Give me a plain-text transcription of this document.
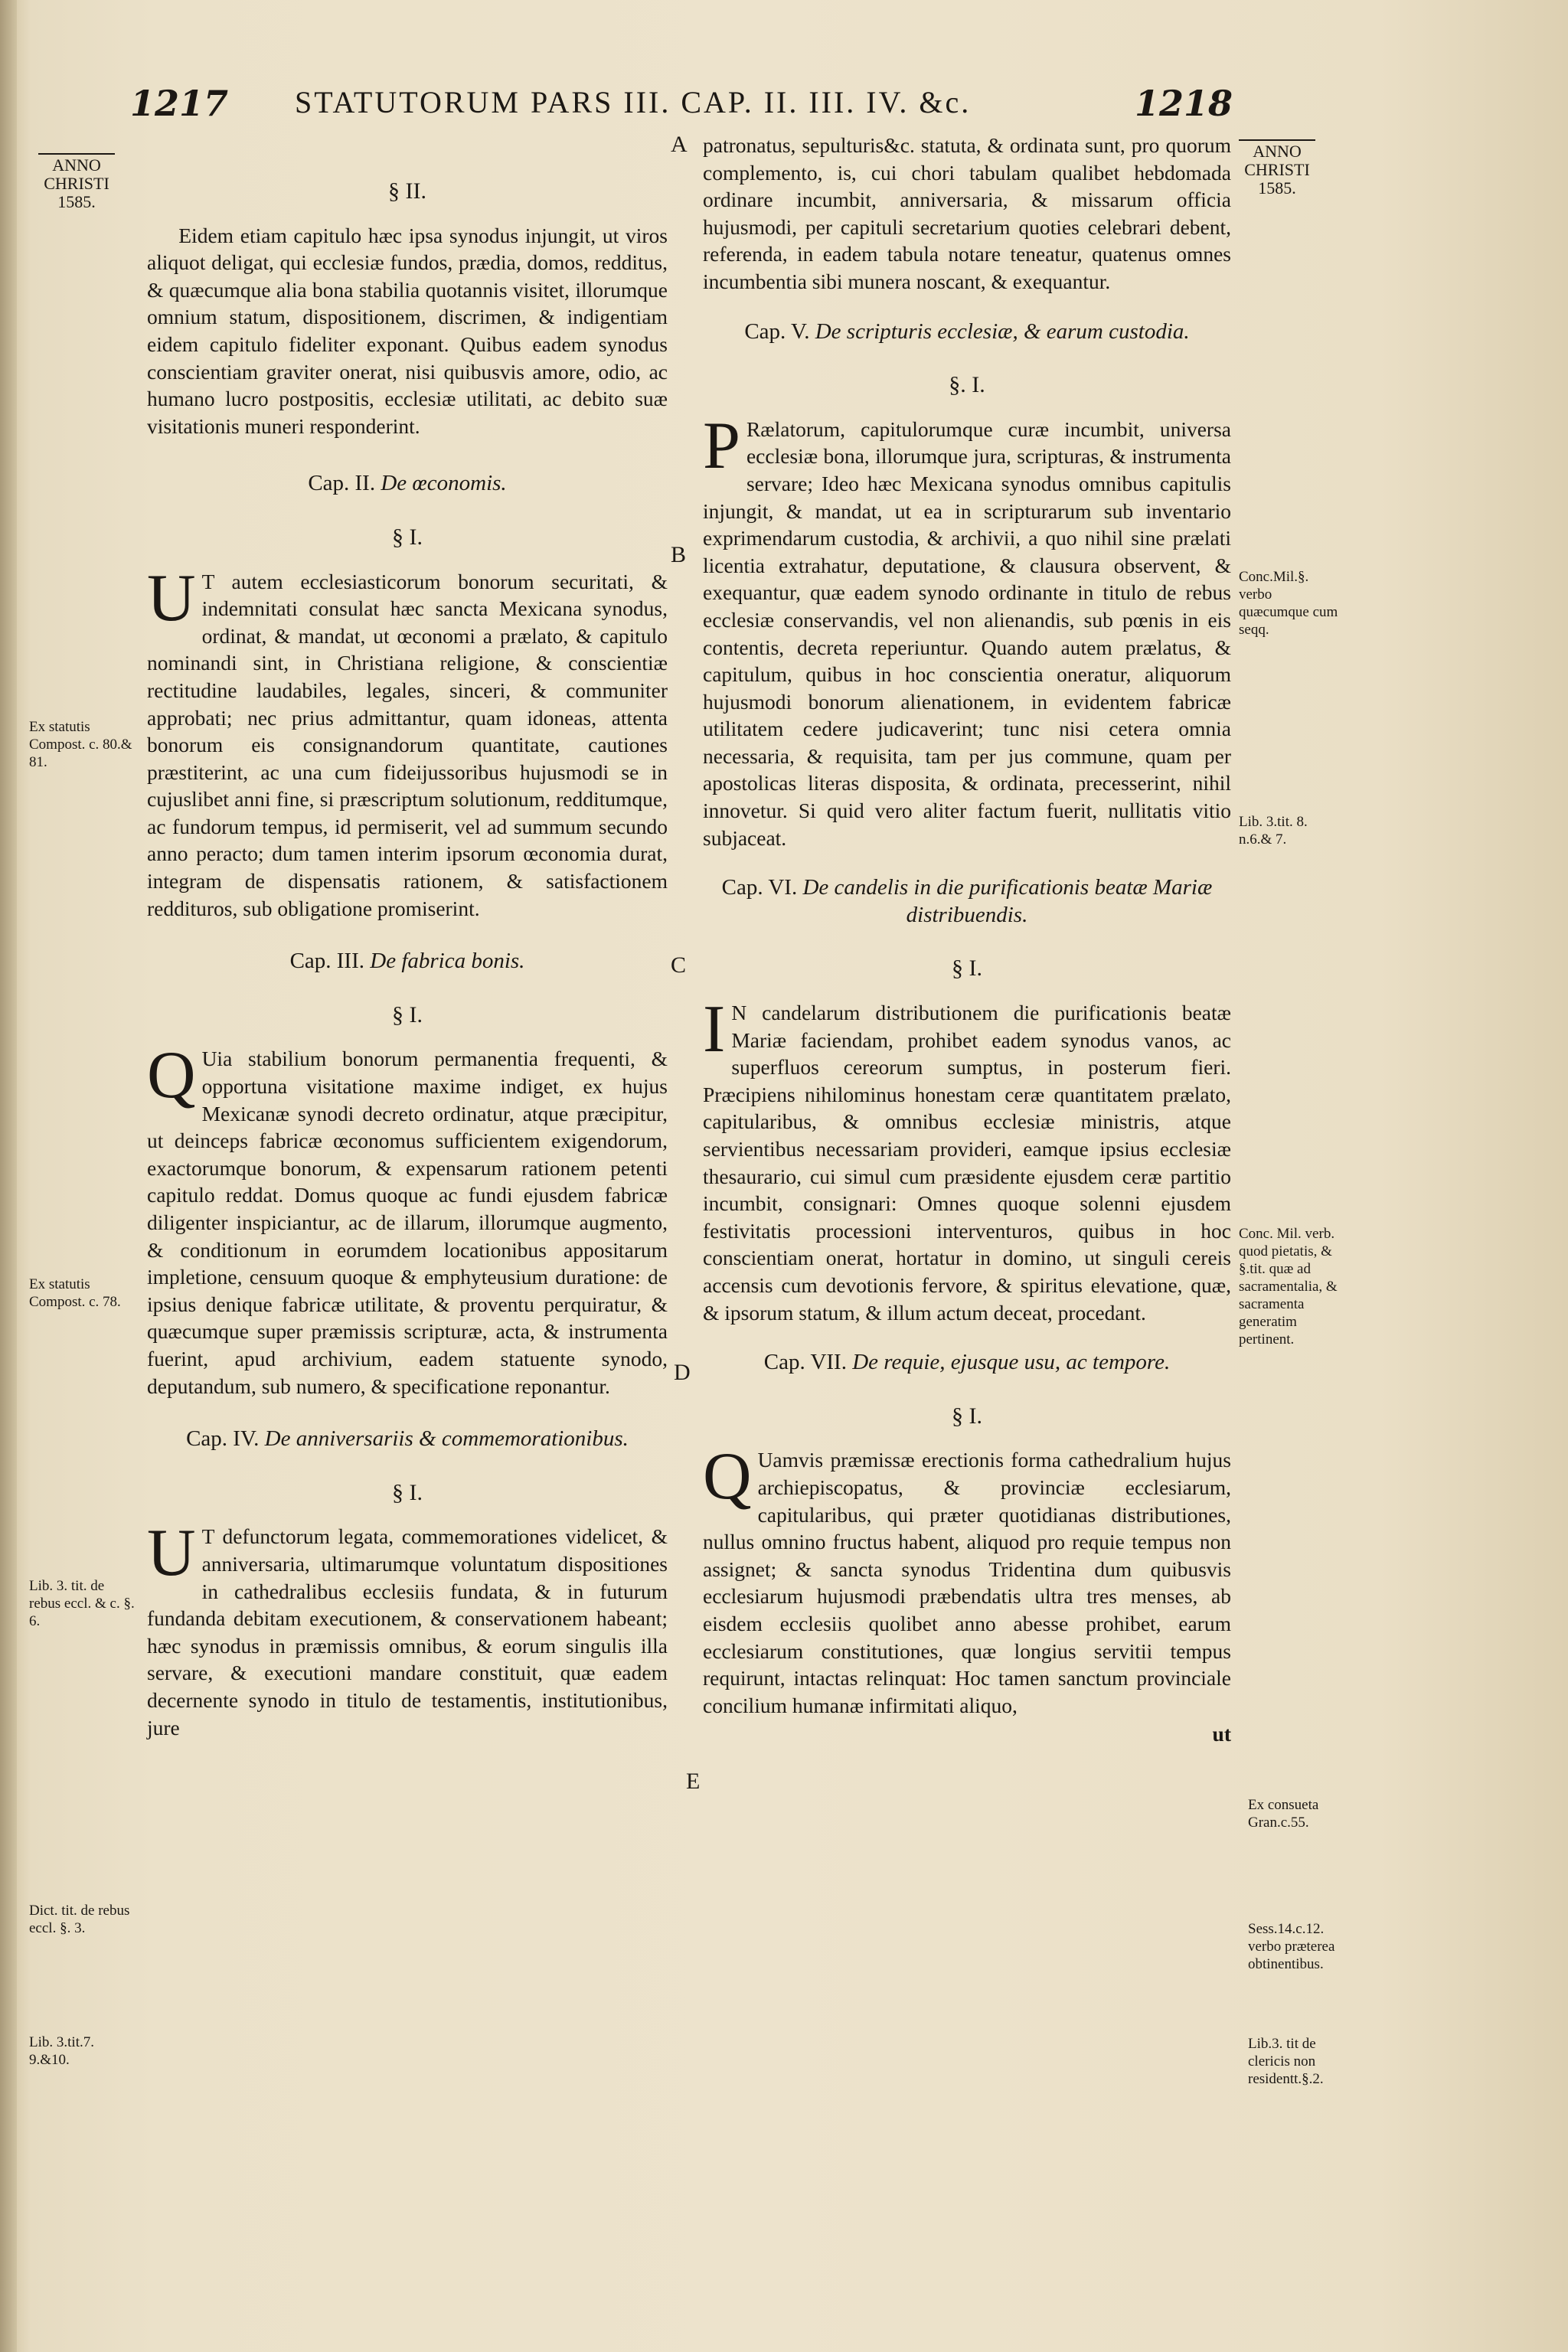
1217 STATUTORUM PARS III. CAP. II. III. IV. &c.	1218
ANNO
CHRISTI
1585.
ANNO
CHRISTI
1585.
§ II.

Eidem etiam capitulo hæc ipsa synodus injungit, ut viros aliquot deligat, qui ecclesiæ fundos, prædia, domos, redditus, & quæcumque alia bona stabilia quotannis visitet, illorumque omnium statum, dispositionem, discrimen, & indigentiam eidem capitulo fideliter exponant. Quibus eadem synodus conscientiam graviter onerat, nisi quibusvis amore, odio, ac humano lucro postpositis, ecclesiæ utilitati, ac debito suæ visitationis muneri responderint.

Cap. II. De œconomis.
§ I.

U T autem ecclesiasticorum bonorum securitati, & indemnitati consulat hæc sancta Mexicana synodus, ordinat, & mandat, ut œconomi a prælato, & capitulo nominandi sint, in Christiana religione, & conscientiæ rectitudine laudabiles, legales, sinceri, & communiter approbati; nec prius admittantur, quam idoneas, attenta bonorum eis consignandorum quantitate, cautiones præstiterint, ac una cum fideijussoribus hujusmodi se in cujuslibet anni fine, si præscriptum solutionum, redditumque, ac fundorum tempus, id permiserit, vel ad summum secundo anno peracto; dum tamen interim ipsorum œconomia durat, integram de dispensatis rationem, & satisfactionem reddituros, sub obligatione promiserint.

Cap. III. De fabrica bonis.
§ I.

Q Uia stabilium bonorum permanentia frequenti, & opportuna visitatione maxime indiget, ex hujus Mexicanæ synodi decreto ordinatur, atque præcipitur, ut deinceps fabricæ œconomus sufficientem exigendorum, exactorumque bonorum, & expensarum rationem petenti capitulo reddat. Domus quoque ac fundi ejusdem fabricæ diligenter inspiciantur, ac de illarum, illorumque augmento, & conditionum in eorumdem locationibus appositarum impletione, censuum quoque & emphyteusium duratione: de ipsius denique fabricæ utilitate, & proventu perquiratur, & quæcumque super præmissis scripturæ, acta, & instrumenta fuerint, apud archivium, eadem statuente synodo, deputandum, sub numero, & specificatione reponantur.

Cap. IV. De anniversariis & commemorationibus.
§ I.

U T defunctorum legata, commemorationes videlicet, & anniversaria, ultimarumque voluntatum dispositiones in cathedralibus ecclesiis fundata, & in futurum fundanda debitam executionem, & conservationem habeant; hæc synodus in præmissis omnibus, & eorum singulis illa servare, & executioni mandare constituit, quæ eadem decernente synodo in titulo de testamentis, institutionibus, jure

patronatus, sepulturis&c. statuta, & ordinata sunt, pro quorum complemento, is, cui chori tabulam qualibet hebdomada ordinare incumbit, anniversaria, & missarum officia hujusmodi, per capituli secretarium quoties celebrari debent, referenda, in eadem tabula notare teneatur, quatenus omnes incumbentia sibi munera noscant, & exequantur.

Cap. V. De scripturis ecclesiæ, & earum custodia.
§. I.

P Rælatorum, capitulorumque curæ incumbit, universa ecclesiæ bona, illorumque jura, scripturas, & instrumenta servare; Ideo hæc Mexicana synodus omnibus capitulis injungit, & mandat, ut ea in scripturarum sub inventario exprimendarum custodia, & archivii, a quo nihil sine prælati licentia extrahatur, deputatione, & clausura observent, & exequantur, quæ eadem synodo ordinante in titulo de rebus ecclesiæ conservandis, vel non alienandis, sub pœnis in eis contentis, decreta reperiuntur. Quando autem prælatus, & capitulum, quibus in hoc conscientia oneratur, aliquorum hujusmodi bonorum alienationem, in evidentem fabricæ utilitatem cedere judicaverint; tunc nisi cetera omnia necessaria, & requisita, tam per jus commune, quam per apostolicas literas disposita, & ordinata, precesserint, nihil innovetur. Si quid vero aliter factum fuerit, nullitatis vitio subjaceat.

Cap. VI. De candelis in die purificationis beatæ Mariæ distribuendis.
§ I.

I N candelarum distributionem die purificationis beatæ Mariæ faciendam, prohibet eadem synodus vanos, ac superfluos cereorum sumptus, in posterum fieri. Præcipiens nihilominus honestam ceræ quantitatem prælato, capitularibus, & omnibus ecclesiæ ministris, atque servientibus necessariam provideri, eamque ipsius ecclesiæ thesaurario, cui simul cum præsidente ejusdem ceræ partitio incumbit, consignari: Omnes quoque solenni ejusdem festivitatis processioni interventuros, quibus in hoc conscientiam onerat, hortatur in domino, ut singuli cereis accensis cum devotionis fervore, & spiritus elevatione, quæ, & ipsorum statum, & illum actum deceat, procedant.

Cap. VII. De requie, ejusque usu, ac tempore.
§ I.

Q Uamvis præmissæ erectionis forma cathedralium hujus archiepiscopatus, & provinciæ ecclesiarum, capitularibus, qui præter quotidianas distributiones, nullus omnino fructus habent, aliquod pro requie tempus non assignet; & sancta synodus Tridentina dum quibusvis ecclesiarum hujusmodi præbendatis ultra tres menses, ab eisdem ecclesiis quolibet anno abesse prohibet, earum ecclesiarum constitutiones, quæ longius servitii tempus requirunt, intactas relinquat: Hoc tamen sanctum provinciale concilium humanæ infirmitati aliquo,

ut
Ex statutis Compost. c. 80.& 81.
Ex statutis Compost. c. 78.
Lib. 3. tit. de rebus eccl. & c. §. 6.
Dict. tit. de rebus eccl. §. 3.
Lib. 3.tit.7. 9.&10.
Conc.Mil.§. verbo quæcumque cum seqq.
Lib. 3.tit. 8. n.6.& 7.
Conc. Mil. verb. quod pietatis, & §.tit. quæ ad sacramentalia, & sacramenta generatim pertinent.
Ex consueta Gran.c.55.
Sess.14.c.12. verbo præterea obtinentibus.
Lib.3. tit de clericis non residentt.§.2.
A
B
C
D
E
